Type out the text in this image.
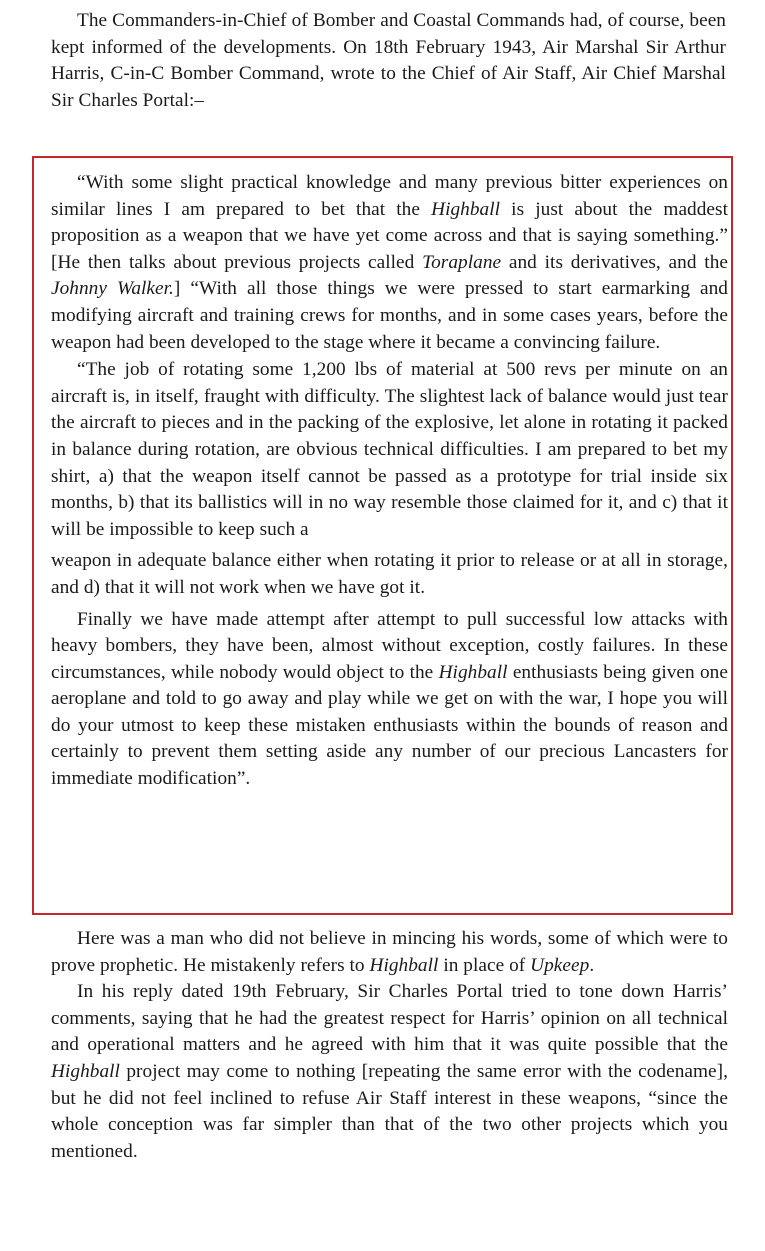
The Commanders-in-Chief of Bomber and Coastal Commands had, of course, been kept informed of the developments. On 18th February 1943, Air Marshal Sir Arthur Harris, C-in-C Bomber Command, wrote to the Chief of Air Staff, Air Chief Marshal Sir Charles Portal:–

“With some slight practical knowledge and many previous bitter experiences on similar lines I am prepared to bet that the Highball is just about the maddest proposition as a weapon that we have yet come across and that is saying something.” [He then talks about previous projects called Toraplane and its derivatives, and the Johnny Walker.] “With all those things we were pressed to start earmarking and modifying aircraft and training crews for months, and in some cases years, before the weapon had been developed to the stage where it became a convincing failure.

“The job of rotating some 1,200 lbs of material at 500 revs per minute on an aircraft is, in itself, fraught with difficulty. The slightest lack of balance would just tear the aircraft to pieces and in the packing of the explosive, let alone in rotating it packed in balance during rotation, are obvious technical difficulties. I am prepared to bet my shirt, a) that the weapon itself cannot be passed as a prototype for trial inside six months, b) that its ballistics will in no way resemble those claimed for it, and c) that it will be impossible to keep such a

weapon in adequate balance either when rotating it prior to release or at all in storage, and d) that it will not work when we have got it.

Finally we have made attempt after attempt to pull successful low attacks with heavy bombers, they have been, almost without exception, costly failures. In these circumstances, while nobody would object to the Highball enthusiasts being given one aeroplane and told to go away and play while we get on with the war, I hope you will do your utmost to keep these mistaken enthusiasts within the bounds of reason and certainly to prevent them setting aside any number of our precious Lancasters for immediate modification”.

Here was a man who did not believe in mincing his words, some of which were to prove prophetic. He mistakenly refers to Highball in place of Upkeep.

In his reply dated 19th February, Sir Charles Portal tried to tone down Harris’ comments, saying that he had the greatest respect for Harris’ opinion on all technical and operational matters and he agreed with him that it was quite possible that the Highball project may come to nothing [repeating the same error with the codename], but he did not feel inclined to refuse Air Staff interest in these weapons, “since the whole conception was far simpler than that of the two other projects which you mentioned.
